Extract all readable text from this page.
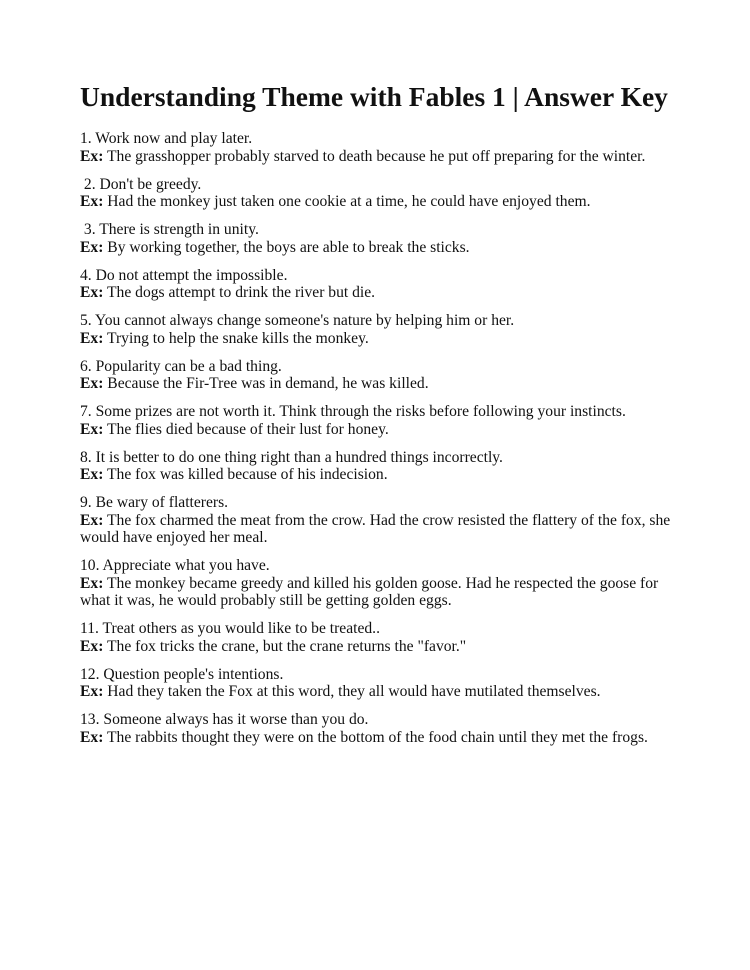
Understanding Theme with Fables 1 | Answer Key

1. Work now and play later.

Ex: The grasshopper probably starved to death because he put off preparing for the winter.

2. Don't be greedy.

Ex: Had the monkey just taken one cookie at a time, he could have enjoyed them.

3. There is strength in unity.

Ex: By working together, the boys are able to break the sticks.

4. Do not attempt the impossible.

Ex: The dogs attempt to drink the river but die.

5. You cannot always change someone's nature by helping him or her.

Ex: Trying to help the snake kills the monkey.

6. Popularity can be a bad thing.

Ex: Because the Fir-Tree was in demand, he was killed.

7. Some prizes are not worth it. Think through the risks before following your instincts.

Ex: The flies died because of their lust for honey.

8. It is better to do one thing right than a hundred things incorrectly.

Ex: The fox was killed because of his indecision.

9. Be wary of flatterers.

Ex: The fox charmed the meat from the crow. Had the crow resisted the flattery of the fox, she would have enjoyed her meal.

10. Appreciate what you have.

Ex: The monkey became greedy and killed his golden goose. Had he respected the goose for what it was, he would probably still be getting golden eggs.

11. Treat others as you would like to be treated..

Ex: The fox tricks the crane, but the crane returns the "favor."

12. Question people's intentions.

Ex: Had they taken the Fox at this word, they all would have mutilated themselves.

13. Someone always has it worse than you do.

Ex: The rabbits thought they were on the bottom of the food chain until they met the frogs.
